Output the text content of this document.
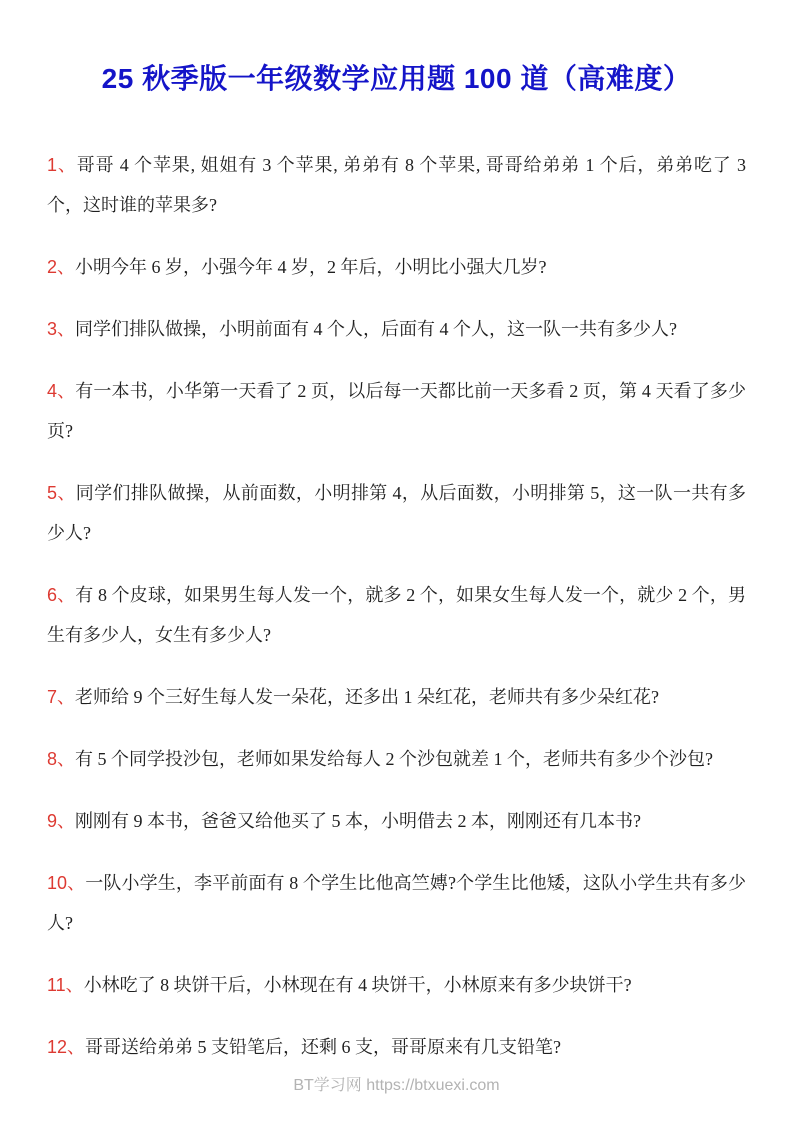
25 秋季版一年级数学应用题 100 道（高难度）

1、哥哥 4 个苹果, 姐姐有 3 个苹果, 弟弟有 8 个苹果, 哥哥给弟弟 1 个后，弟弟吃了 3 个，这时谁的苹果多?

2、小明今年 6 岁，小强今年 4 岁，2 年后，小明比小强大几岁?

3、同学们排队做操，小明前面有 4 个人，后面有 4 个人，这一队一共有多少人?

4、有一本书，小华第一天看了 2 页，以后每一天都比前一天多看 2 页，第 4 天看了多少页?

5、同学们排队做操，从前面数，小明排第 4，从后面数，小明排第 5，这一队一共有多少人?

6、有 8 个皮球，如果男生每人发一个，就多 2 个，如果女生每人发一个，就少 2 个，男生有多少人，女生有多少人?

7、老师给 9 个三好生每人发一朵花，还多出 1 朵红花，老师共有多少朵红花?

8、有 5 个同学投沙包，老师如果发给每人 2 个沙包就差 1 个，老师共有多少个沙包?

9、刚刚有 9 本书，爸爸又给他买了 5 本，小明借去 2 本，刚刚还有几本书?

10、一队小学生，李平前面有 8 个学生比他高竺嫥?个学生比他矮，这队小学生共有多少人?

11、小林吃了 8 块饼干后，小林现在有 4 块饼干，小林原来有多少块饼干?

12、哥哥送给弟弟 5 支铅笔后，还剩 6 支，哥哥原来有几支铅笔?

BT学习网 https://btxuexi.com
